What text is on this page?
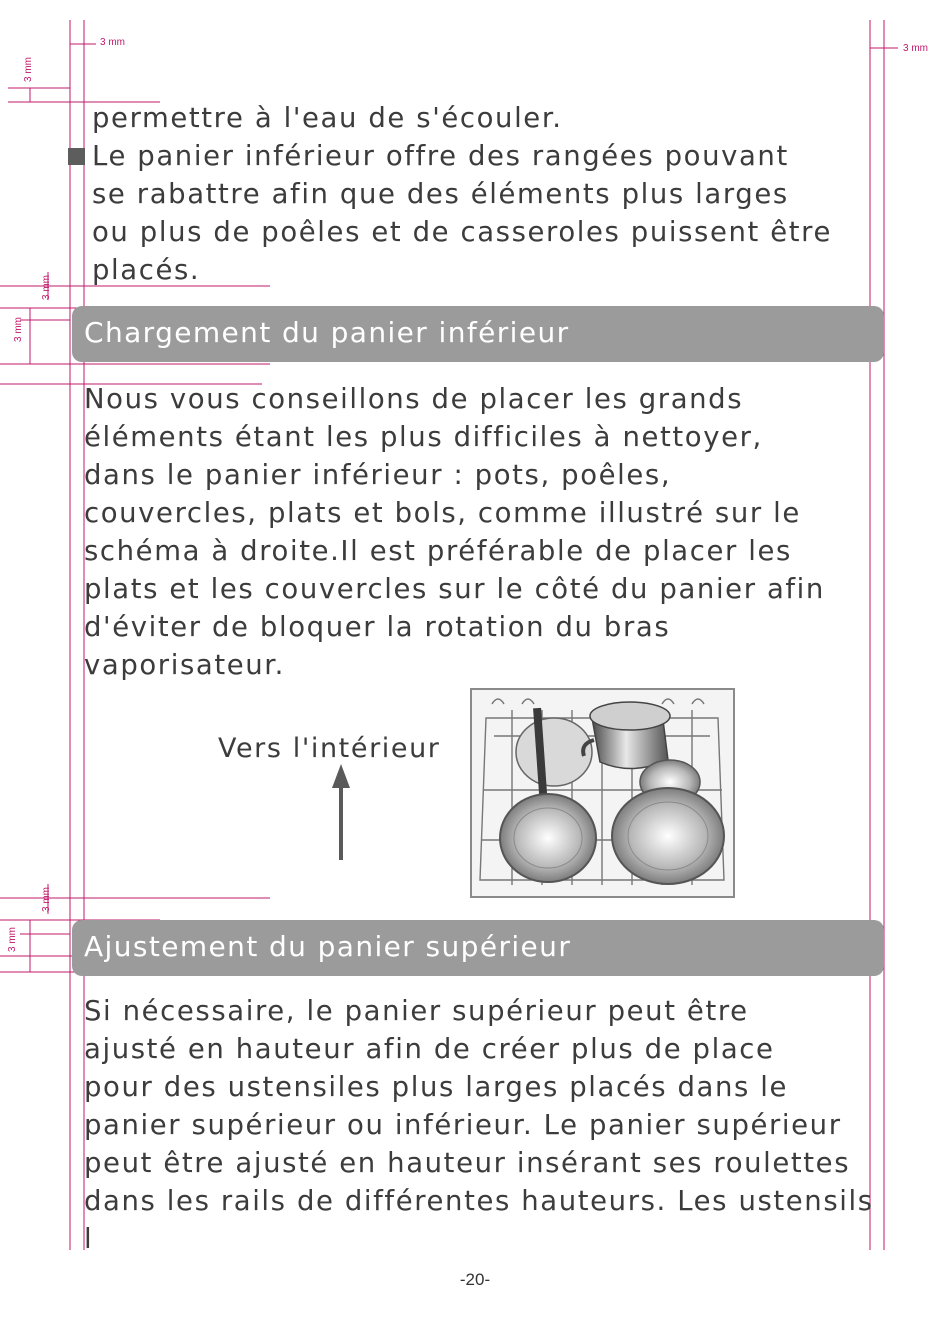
3 mm
3 mm
3 mm
3 mm
3 mm
3 mm
3 mm

permettre à l'eau de s'écouler.

Le panier inférieur offre des rangées pouvant
se rabattre afin que des éléments plus larges
ou plus de poêles et de casseroles puissent être
placés.

Chargement du panier inférieur

Nous vous conseillons de placer les grands
éléments étant les plus difficiles à nettoyer,
dans le panier inférieur : pots, poêles,
couvercles, plats et bols, comme illustré sur le
schéma à droite.Il est préférable de placer les
plats et les couvercles sur le côté du panier afin
d'éviter de bloquer la rotation du bras
vaporisateur.

Vers l'intérieur
Ajustement du panier supérieur

Si nécessaire, le panier supérieur peut être
ajusté en hauteur afin de créer plus de place
pour des ustensiles plus larges placés dans le
panier supérieur ou inférieur. Le panier supérieur
peut être ajusté en hauteur insérant ses roulettes
dans les rails de différentes hauteurs. Les ustensils
l

-20-
